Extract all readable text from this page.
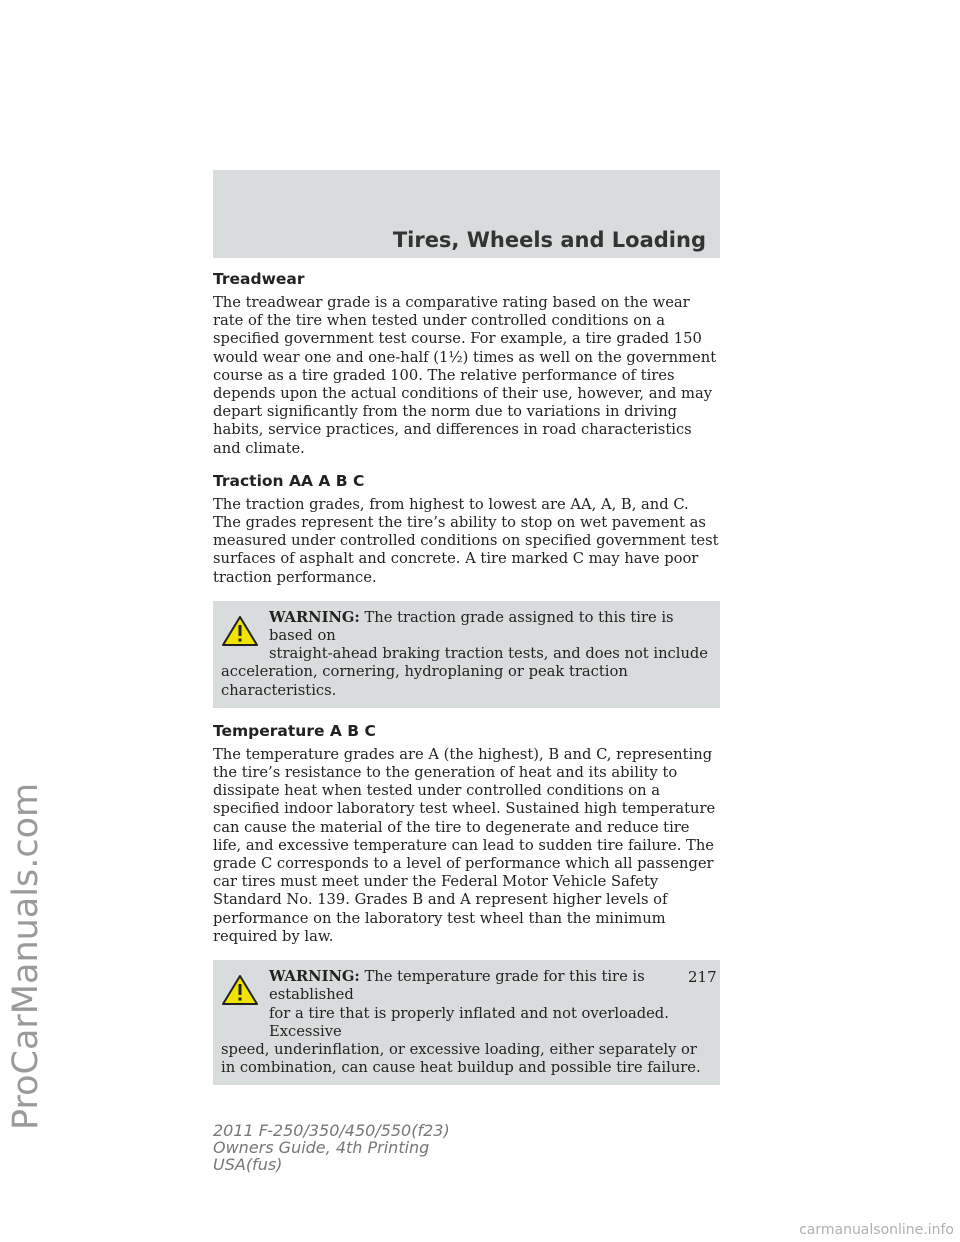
Tires, Wheels and Loading
Treadwear

The treadwear grade is a comparative rating based on the wear rate of the tire when tested under controlled conditions on a specified government test course. For example, a tire graded 150 would wear one and one-half (1½) times as well on the government course as a tire graded 100. The relative performance of tires depends upon the actual conditions of their use, however, and may depart significantly from the norm due to variations in driving habits, service practices, and differences in road characteristics and climate.

Traction AA A B C

The traction grades, from highest to lowest are AA, A, B, and C. The grades represent the tire’s ability to stop on wet pavement as measured under controlled conditions on specified government test surfaces of asphalt and concrete. A tire marked C may have poor traction performance.

WARNING: The traction grade assigned to this tire is based on
straight-ahead braking traction tests, and does not include
acceleration, cornering, hydroplaning or peak traction characteristics.
Temperature A B C

The temperature grades are A (the highest), B and C, representing the tire’s resistance to the generation of heat and its ability to dissipate heat when tested under controlled conditions on a specified indoor laboratory test wheel. Sustained high temperature can cause the material of the tire to degenerate and reduce tire life, and excessive temperature can lead to sudden tire failure. The grade C corresponds to a level of performance which all passenger car tires must meet under the Federal Motor Vehicle Safety Standard No. 139. Grades B and A represent higher levels of performance on the laboratory test wheel than the minimum required by law.

WARNING: The temperature grade for this tire is established
for a tire that is properly inflated and not overloaded. Excessive
speed, underinflation, or excessive loading, either separately or in combination, can cause heat buildup and possible tire failure.
217
2011 F-250/350/450/550(f23)
Owners Guide, 4th Printing
USA(fus)
ProCarManuals.com
carmanualsonline.info
